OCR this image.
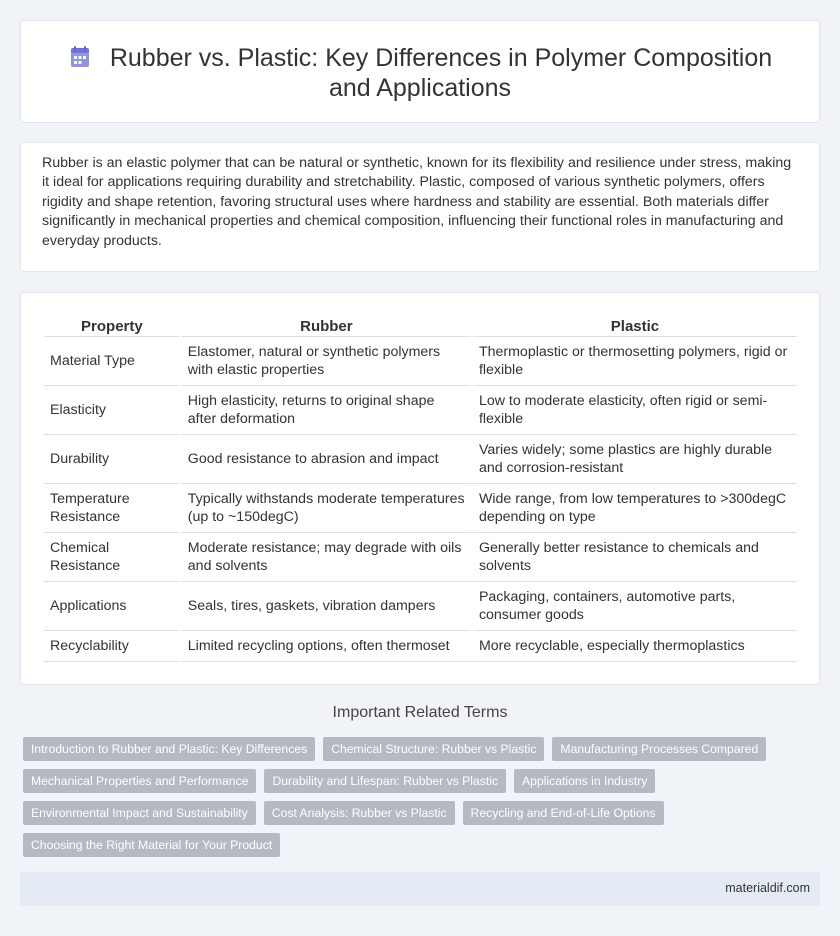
Rubber vs. Plastic: Key Differences in Polymer Composition and Applications

Rubber is an elastic polymer that can be natural or synthetic, known for its flexibility and resilience under stress, making it ideal for applications requiring durability and stretchability. Plastic, composed of various synthetic polymers, offers rigidity and shape retention, favoring structural uses where hardness and stability are essential. Both materials differ significantly in mechanical properties and chemical composition, influencing their functional roles in manufacturing and everyday products.

Property	Rubber	Plastic
Material Type	Elastomer, natural or synthetic polymers with elastic properties	Thermoplastic or thermosetting polymers, rigid or flexible
Elasticity	High elasticity, returns to original shape after deformation	Low to moderate elasticity, often rigid or semi-flexible
Durability	Good resistance to abrasion and impact	Varies widely; some plastics are highly durable and corrosion-resistant
Temperature Resistance	Typically withstands moderate temperatures (up to ~150degC)	Wide range, from low temperatures to >300degC depending on type
Chemical Resistance	Moderate resistance; may degrade with oils and solvents	Generally better resistance to chemicals and solvents
Applications	Seals, tires, gaskets, vibration dampers	Packaging, containers, automotive parts, consumer goods
Recyclability	Limited recycling options, often thermoset	More recyclable, especially thermoplastics
Important Related Terms
Introduction to Rubber and Plastic: Key Differences	Chemical Structure: Rubber vs Plastic	Manufacturing Processes Compared
Mechanical Properties and Performance	Durability and Lifespan: Rubber vs Plastic	Applications in Industry
Environmental Impact and Sustainability	Cost Analysis: Rubber vs Plastic	Recycling and End-of-Life Options
Choosing the Right Material for Your Product
materialdif.com
